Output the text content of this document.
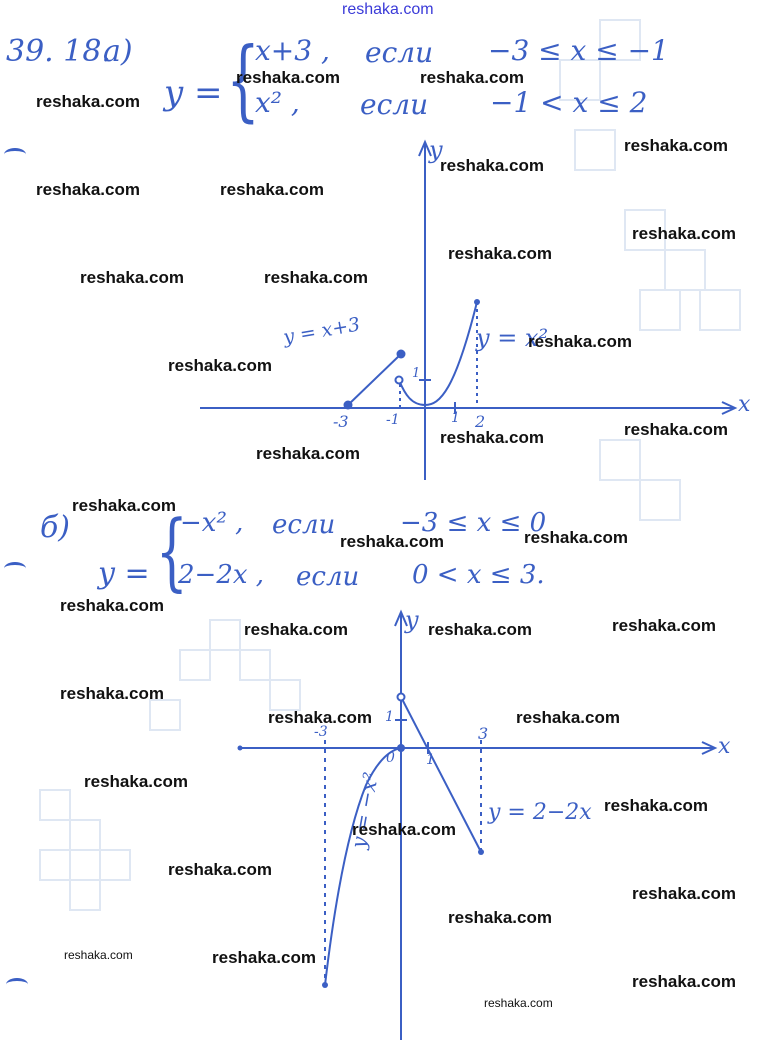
reshaka.com
39. 18.
а)
y = {
x+3 , если −3 ≤ x ≤ −1
x² , если −1 < x ≤ 2
y
x
-3	-1	1 2
1
y = x+3	y = x²
б)
y = {
−x² , если −3 ≤ x ≤ 0
2−2x , если 0 < x ≤ 3.
y
x
-3
0 1
3
1
y = 2−2x
y = −x²
reshaka.com
reshaka.com	reshaka.com
reshaka.com	reshaka.com
reshaka.com
reshaka.com
reshaka.com
reshaka.com	reshaka.com
reshaka.com
reshaka.com
reshaka.com
reshaka.com	reshaka.com
reshaka.com
reshaka.com
reshaka.com	reshaka.com
reshaka.com
reshaka.com	reshaka.com	reshaka.com
reshaka.com
reshaka.com	reshaka.com
reshaka.com
reshaka.com
reshaka.com
reshaka.com
reshaka.com
reshaka.com
reshaka.com
reshaka.com
reshaka.com
reshaka.com
